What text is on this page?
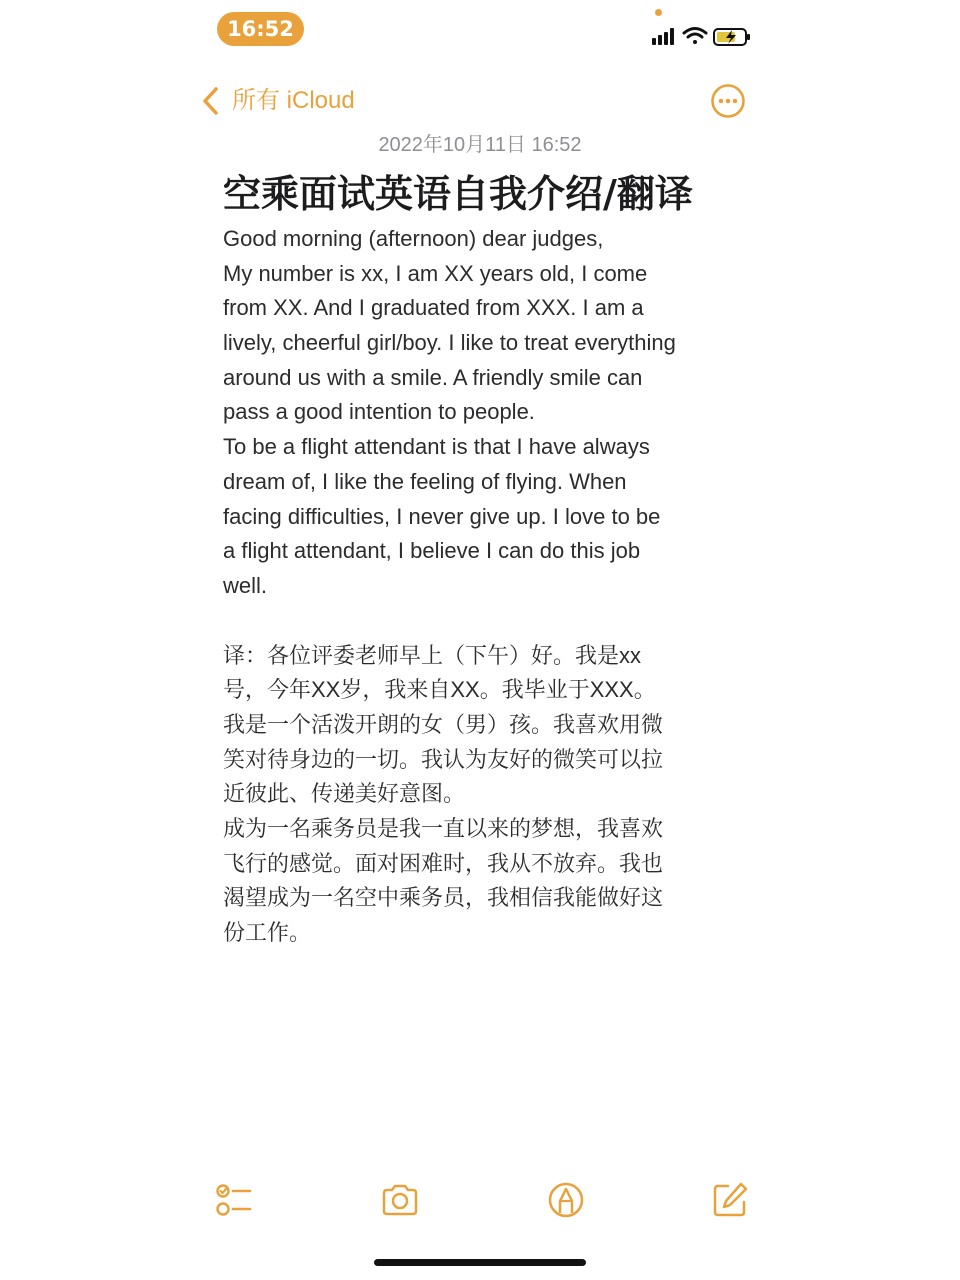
16:52
所有 iCloud
2022年10月11日 16:52
空乘面试英语自我介绍/翻译
Good morning (afternoon) dear judges,
My number is xx, I am XX years old, I come
from XX. And I graduated from XXX. I am a
lively, cheerful girl/boy. I like to treat everything
around us with a smile. A friendly smile can
pass a good intention to people.
To be a flight attendant is that I have always
dream of, I like the feeling of flying. When
facing difficulties, I never give up. I love to be
a flight attendant, I believe I can do this job
well.
译：各位评委老师早上（下午）好。我是xx
号，今年XX岁，我来自XX。我毕业于XXX。
我是一个活泼开朗的女（男）孩。我喜欢用微
笑对待身边的一切。我认为友好的微笑可以拉
近彼此、传递美好意图。
成为一名乘务员是我一直以来的梦想，我喜欢
飞行的感觉。面对困难时，我从不放弃。我也
渴望成为一名空中乘务员，我相信我能做好这
份工作。
